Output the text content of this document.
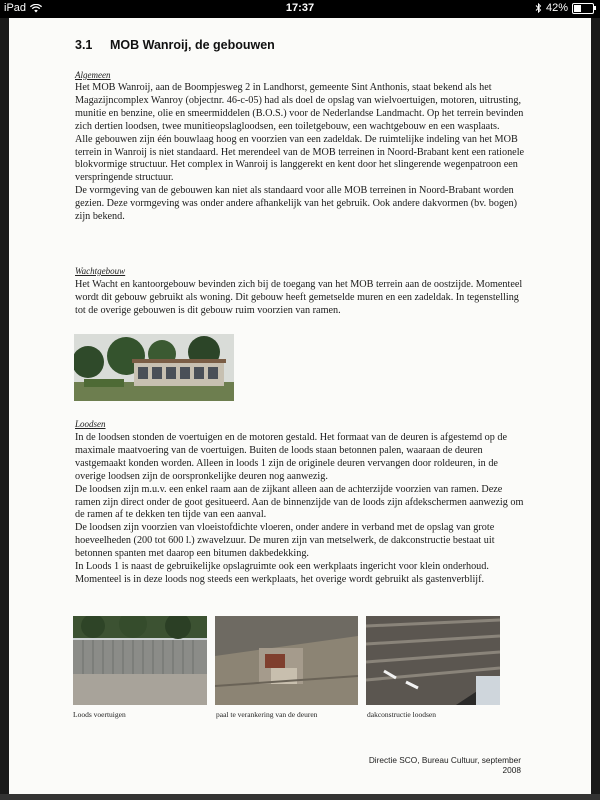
iPad	17:37	42%
3.1 MOB Wanroij, de gebouwen
Algemeen

Het MOB Wanroij, aan de Boompjesweg 2 in Landhorst, gemeente Sint Anthonis, staat bekend als het Magazijncomplex Wanroy (objectnr. 46-c-05) had als doel de opslag van wielvoertuigen, motoren, uitrusting, munitie en benzine, olie en smeermiddelen (B.O.S.) voor de Nederlandse Landmacht. Op het terrein bevinden zich dertien loodsen, twee munitieopslagloodsen, een toiletgebouw, een wachtgebouw en een wasplaats.

Alle gebouwen zijn één bouwlaag hoog en voorzien van een zadeldak. De ruimtelijke indeling van het MOB terrein in Wanroij is niet standaard. Het merendeel van de MOB terreinen in Noord-Brabant kent een rationele blokvormige structuur. Het complex in Wanroij is langgerekt en kent door het slingerende wegenpatroon een verspringende structuur.

De vormgeving van de gebouwen kan niet als standaard voor alle MOB terreinen in Noord-Brabant worden gezien. Deze vormgeving was onder andere afhankelijk van het gebruik. Ook andere dakvormen (bv. bogen) zijn bekend.

Wachtgebouw

Het Wacht en kantoorgebouw bevinden zich bij de toegang van het MOB terrein aan de oostzijde. Momenteel wordt dit gebouw gebruikt als woning. Dit gebouw heeft gemetselde muren en een zadeldak. In tegenstelling tot de overige gebouwen is dit gebouw ruim voorzien van ramen.

Loodsen

In de loodsen stonden de voertuigen en de motoren gestald. Het formaat van de deuren is afgestemd op de maximale maatvoering van de voertuigen. Buiten de loods staan betonnen palen, waaraan de deuren vastgemaakt konden worden. Alleen in loods 1 zijn de originele deuren vervangen door roldeuren, in de overige loodsen zijn de oorspronkelijke deuren nog aanwezig.

De loodsen zijn m.u.v. een enkel raam aan de zijkant alleen aan de achterzijde voorzien van ramen. Deze ramen zijn direct onder de goot gesitueerd. Aan de binnenzijde van de loods zijn afdekschermen aanwezig om de ramen af te dekken ten tijde van een aanval.

De loodsen zijn voorzien van vloeistofdichte vloeren, onder andere in verband met de opslag van grote hoeveelheden (200 tot 600 l.) zwavelzuur. De muren zijn van metselwerk, de dakconstructie bestaat uit betonnen spanten met daarop een bitumen dakbedekking.

In Loods 1 is naast de gebruikelijke opslagruimte ook een werkplaats ingericht voor klein onderhoud. Momenteel is in deze loods nog steeds een werkplaats, het overige wordt gebruikt als gastenverblijf.

Loods voertuigen	paal te verankering van de deuren	dakconstructie loodsen
Directie SCO, Bureau Cultuur, september 2008
